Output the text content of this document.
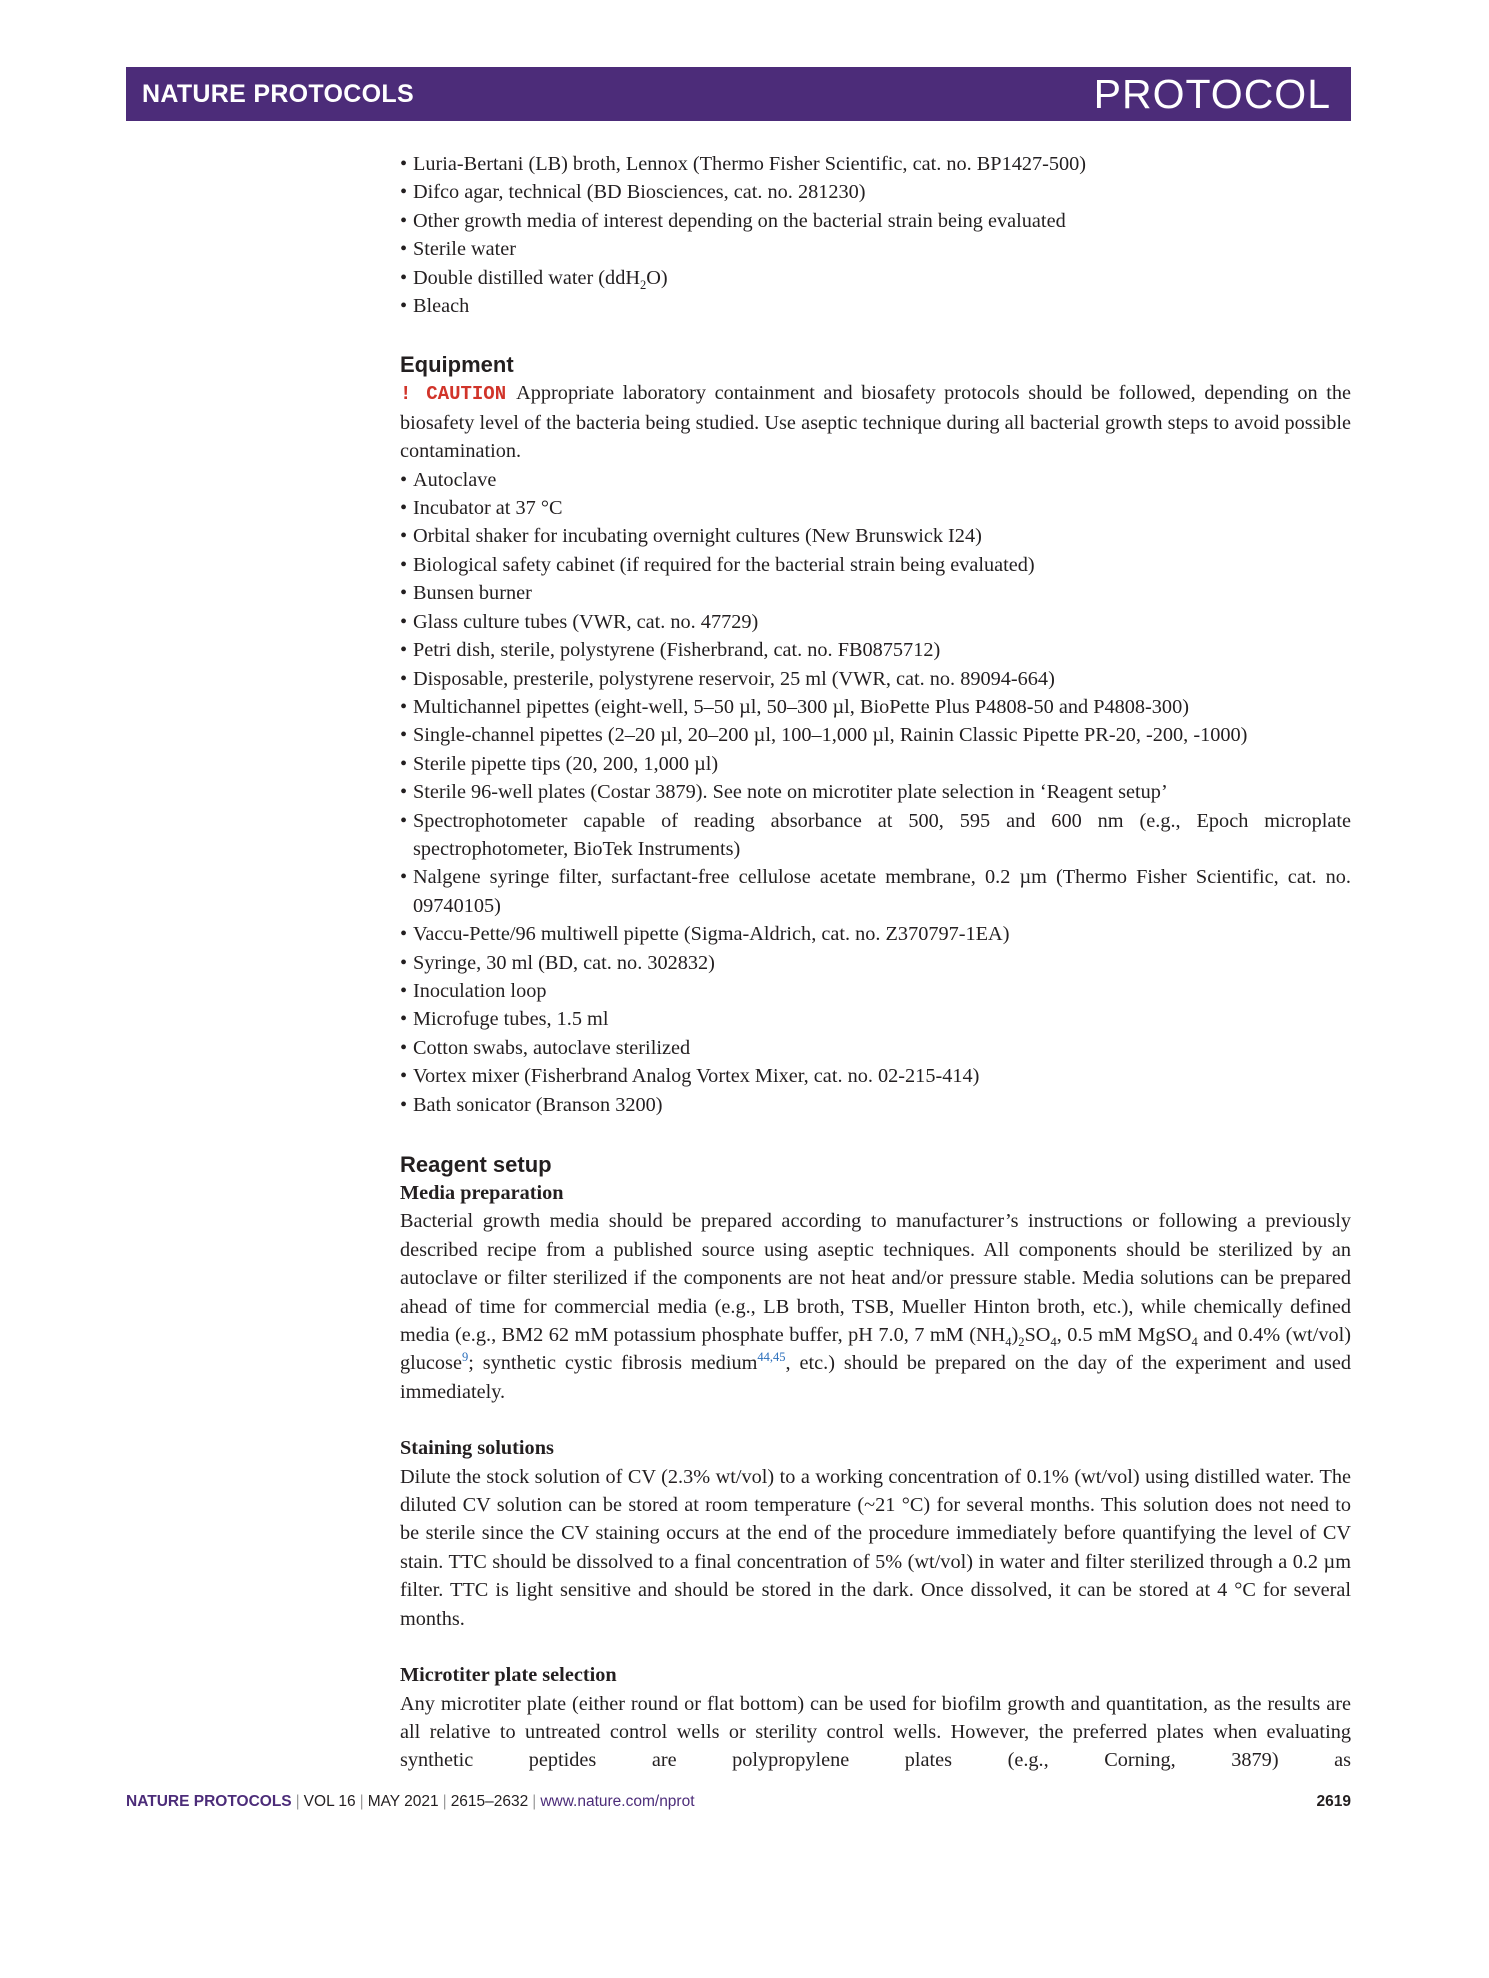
NATURE PROTOCOLS	PROTOCOL
• Luria-Bertani (LB) broth, Lennox (Thermo Fisher Scientific, cat. no. BP1427-500)
• Difco agar, technical (BD Biosciences, cat. no. 281230)
• Other growth media of interest depending on the bacterial strain being evaluated
• Sterile water
• Double distilled water (ddH$_2$O)
• Bleach
Equipment

! CAUTION Appropriate laboratory containment and biosafety protocols should be followed, depending on the biosafety level of the bacteria being studied. Use aseptic technique during all bacterial growth steps to avoid possible contamination.

• Autoclave
• Incubator at 37 °C
• Orbital shaker for incubating overnight cultures (New Brunswick I24)
• Biological safety cabinet (if required for the bacterial strain being evaluated)
• Bunsen burner
• Glass culture tubes (VWR, cat. no. 47729)
• Petri dish, sterile, polystyrene (Fisherbrand, cat. no. FB0875712)
• Disposable, presterile, polystyrene reservoir, 25 ml (VWR, cat. no. 89094-664)
• Multichannel pipettes (eight-well, 5–50 µl, 50–300 µl, BioPette Plus P4808-50 and P4808-300)
• Single-channel pipettes (2–20 µl, 20–200 µl, 100–1,000 µl, Rainin Classic Pipette PR-20, -200, -1000)
• Sterile pipette tips (20, 200, 1,000 µl)
• Sterile 96-well plates (Costar 3879). See note on microtiter plate selection in ‘Reagent setup’
• Spectrophotometer capable of reading absorbance at 500, 595 and 600 nm (e.g., Epoch microplate spectrophotometer, BioTek Instruments)
• Nalgene syringe filter, surfactant-free cellulose acetate membrane, 0.2 µm (Thermo Fisher Scientific, cat. no. 09740105)
• Vaccu-Pette/96 multiwell pipette (Sigma-Aldrich, cat. no. Z370797-1EA)
• Syringe, 30 ml (BD, cat. no. 302832)
• Inoculation loop
• Microfuge tubes, 1.5 ml
• Cotton swabs, autoclave sterilized
• Vortex mixer (Fisherbrand Analog Vortex Mixer, cat. no. 02-215-414)
• Bath sonicator (Branson 3200)
Reagent setup

Media preparation

Bacterial growth media should be prepared according to manufacturer’s instructions or following a previously described recipe from a published source using aseptic techniques. All components should be sterilized by an autoclave or filter sterilized if the components are not heat and/or pressure stable. Media solutions can be prepared ahead of time for commercial media (e.g., LB broth, TSB, Mueller Hinton broth, etc.), while chemically defined media (e.g., BM2 62 mM potassium phosphate buffer, pH 7.0, 7 mM $(NH_4)_2SO_4$, 0.5 mM MgSO$_4$ and 0.4% (wt/vol) glucose$^9$; synthetic cystic fibrosis medium$^{44,45}$, etc.) should be prepared on the day of the experiment and used immediately.

Staining solutions

Dilute the stock solution of CV (2.3% wt/vol) to a working concentration of 0.1% (wt/vol) using distilled water. The diluted CV solution can be stored at room temperature (~21 °C) for several months. This solution does not need to be sterile since the CV staining occurs at the end of the procedure immediately before quantifying the level of CV stain. TTC should be dissolved to a final concentration of 5% (wt/vol) in water and filter sterilized through a 0.2 µm filter. TTC is light sensitive and should be stored in the dark. Once dissolved, it can be stored at 4 °C for several months.

Microtiter plate selection

Any microtiter plate (either round or flat bottom) can be used for biofilm growth and quantitation, as the results are all relative to untreated control wells or sterility control wells. However, the preferred plates when evaluating synthetic peptides are polypropylene plates (e.g., Corning, 3879) as

NATURE PROTOCOLS | VOL 16 | MAY 2021 | 2615–2632 | www.nature.com/nprot	2619
